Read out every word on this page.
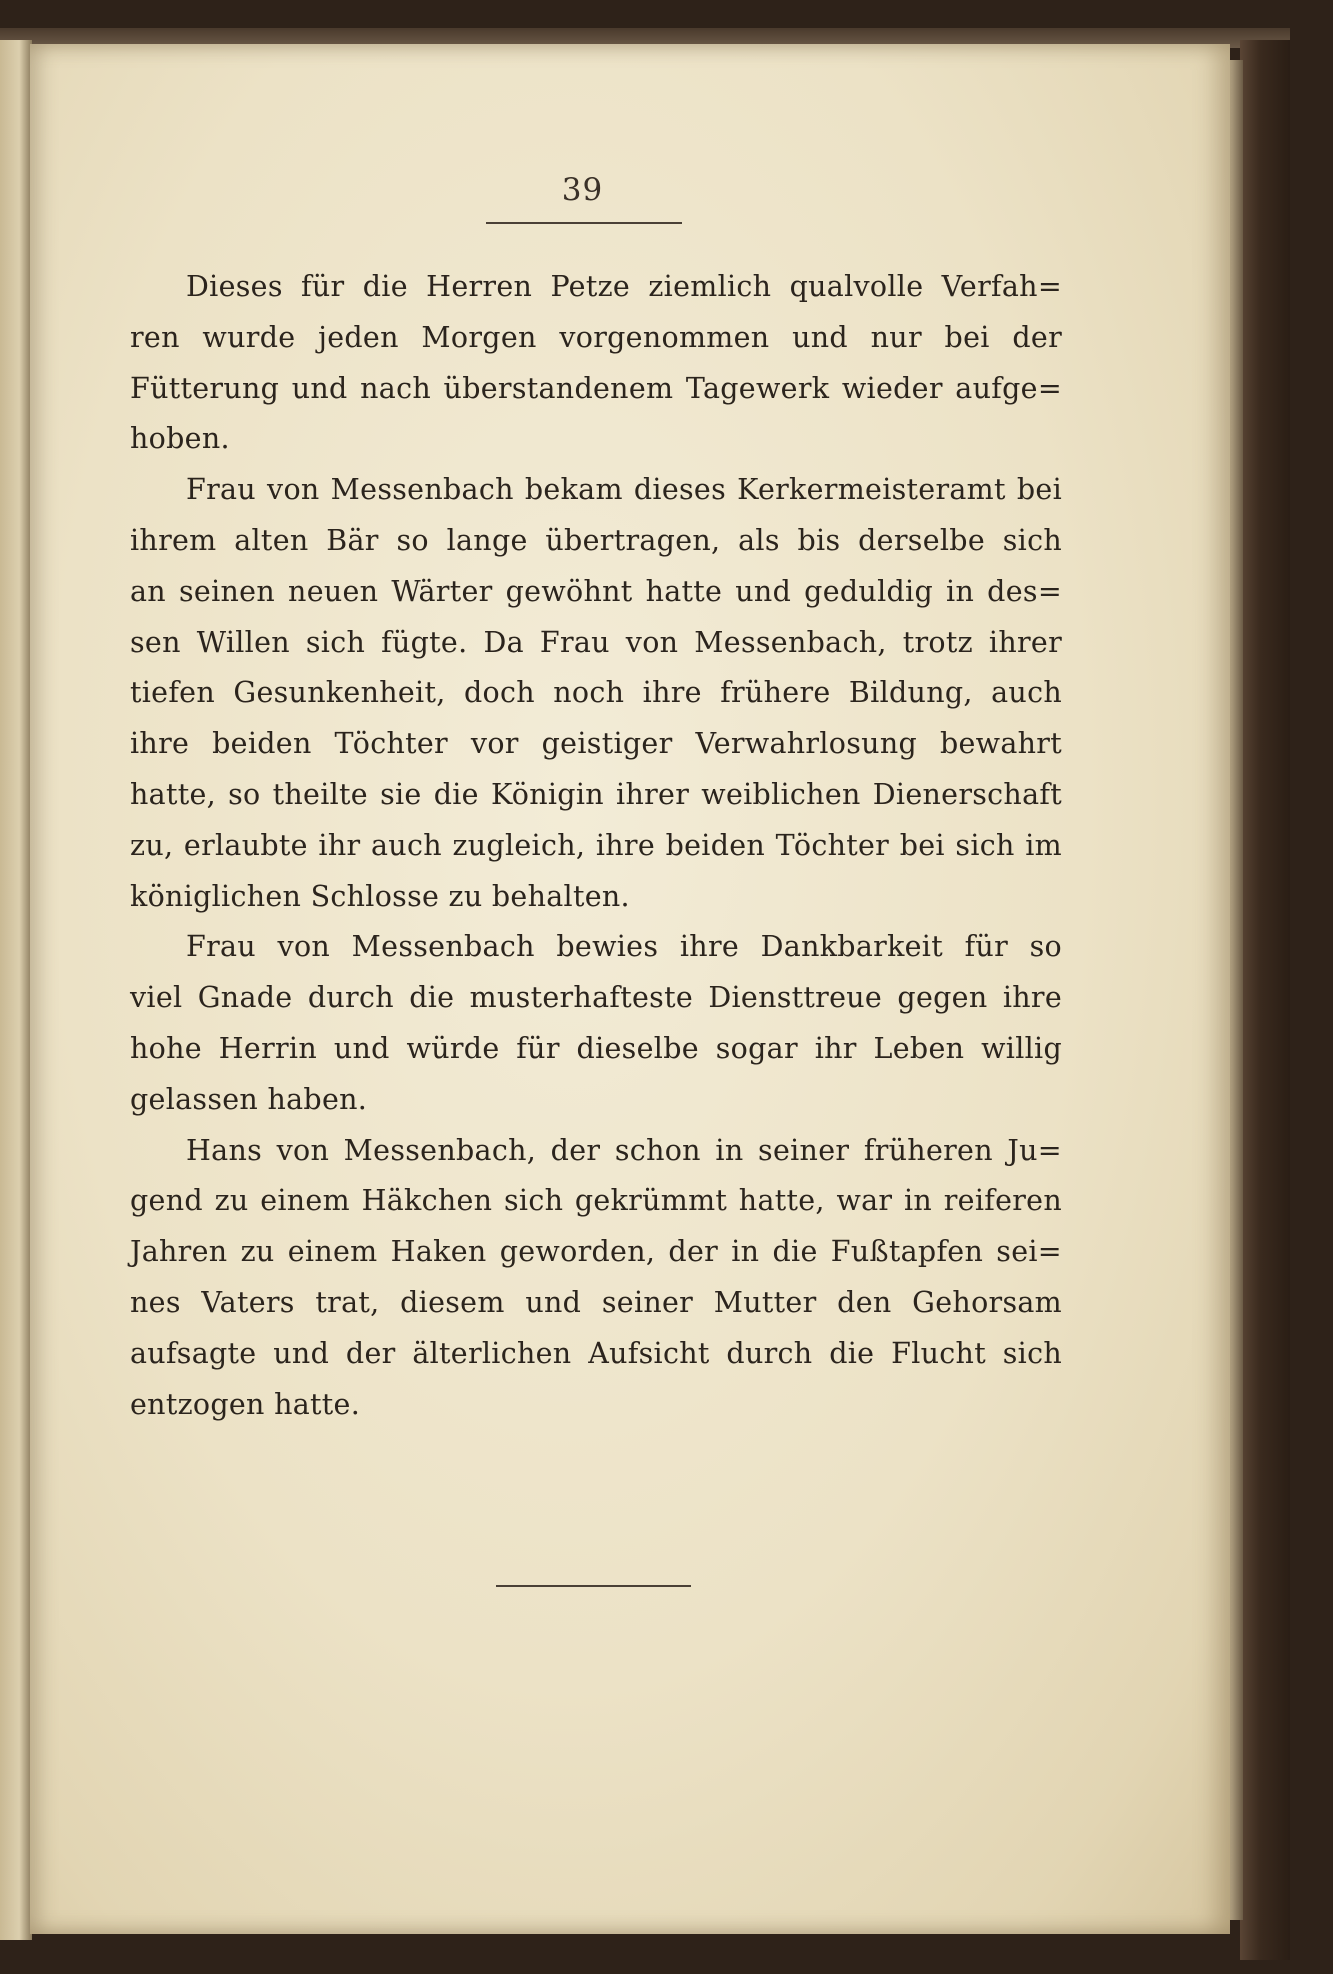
39
Dieses für die Herren Petze ziemlich qualvolle Verfah=
ren wurde jeden Morgen vorgenommen und nur bei der
Fütterung und nach überstandenem Tagewerk wieder aufge=
hoben.
Frau von Messenbach bekam dieses Kerkermeisteramt bei
ihrem alten Bär so lange übertragen, als bis derselbe sich
an seinen neuen Wärter gewöhnt hatte und geduldig in des=
sen Willen sich fügte. Da Frau von Messenbach, trotz ihrer
tiefen Gesunkenheit, doch noch ihre frühere Bildung, auch
ihre beiden Töchter vor geistiger Verwahrlosung bewahrt
hatte, so theilte sie die Königin ihrer weiblichen Dienerschaft
zu, erlaubte ihr auch zugleich, ihre beiden Töchter bei sich im
königlichen Schlosse zu behalten.
Frau von Messenbach bewies ihre Dankbarkeit für so
viel Gnade durch die musterhafteste Diensttreue gegen ihre
hohe Herrin und würde für dieselbe sogar ihr Leben willig
gelassen haben.
Hans von Messenbach, der schon in seiner früheren Ju=
gend zu einem Häkchen sich gekrümmt hatte, war in reiferen
Jahren zu einem Haken geworden, der in die Fußtapfen sei=
nes Vaters trat, diesem und seiner Mutter den Gehorsam
aufsagte und der älterlichen Aufsicht durch die Flucht sich
entzogen hatte.
